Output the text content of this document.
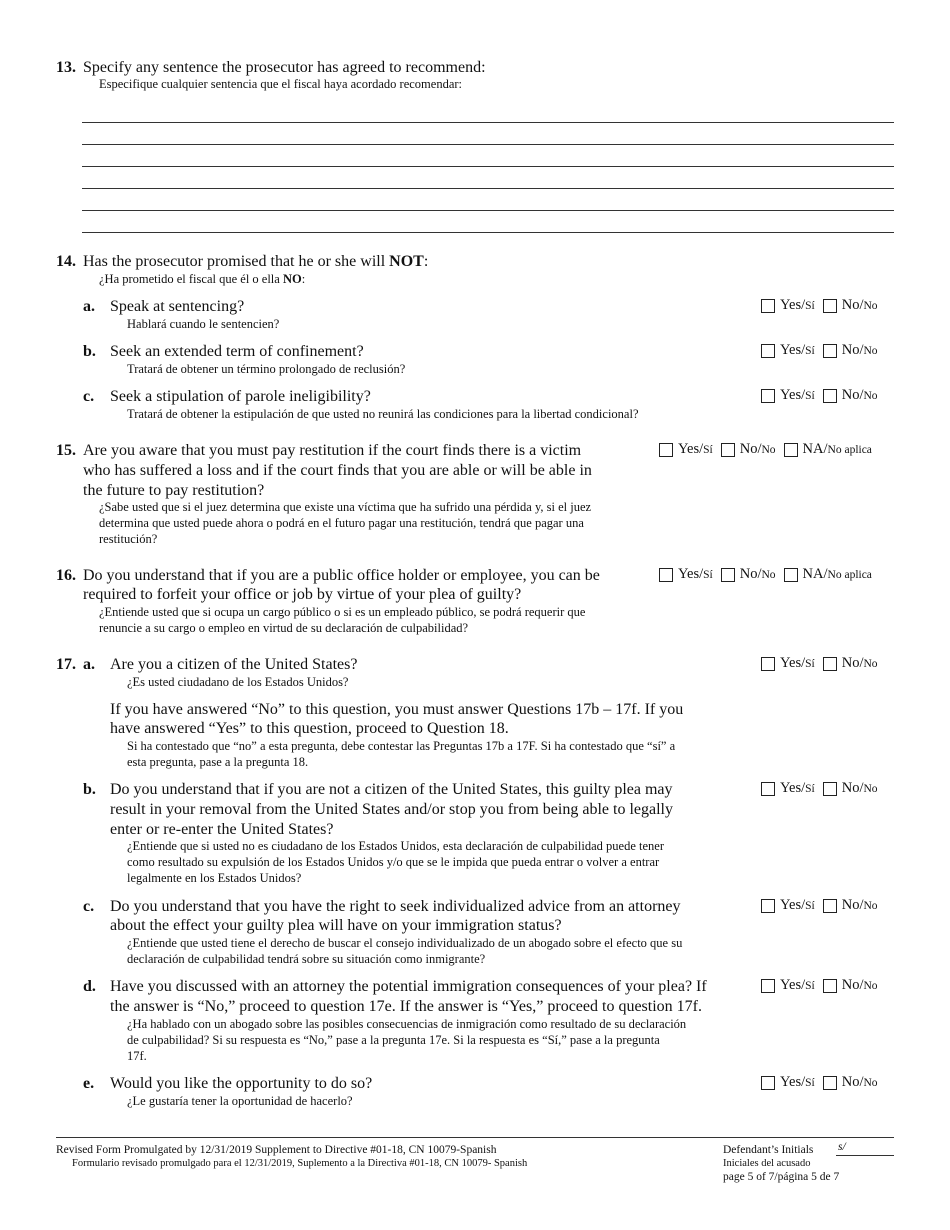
13. Specify any sentence the prosecutor has agreed to recommend:
Especifique cualquier sentencia que el fiscal haya acordado recomendar:
14. Has the prosecutor promised that he or she will NOT:
¿Ha prometido el fiscal que él o ella NO:
a. Speak at sentencing?
Hablará cuando le sentencien?
Yes/ Sí No/ No
b. Seek an extended term of confinement?
Tratará de obtener un término prolongado de reclusión?
Yes/ Sí No/ No
c. Seek a stipulation of parole ineligibility?
Tratará de obtener la estipulación de que usted no reunirá las condiciones para la libertad condicional?
Yes/ Sí No/ No
15. Are you aware that you must pay restitution if the court finds there is a victim
who has suffered a loss and if the court finds that you are able or will be able in
the future to pay restitution?
¿Sabe usted que si el juez determina que existe una víctima que ha sufrido una pérdida y, si el juez
determina que usted puede ahora o podrá en el futuro pagar una restitución, tendrá que pagar una
restitución?
Yes/ Sí No/ No NA/ No aplica
16. Do you understand that if you are a public office holder or employee, you can be
required to forfeit your office or job by virtue of your plea of guilty?
¿Entiende usted que si ocupa un cargo público o si es un empleado público, se podrá requerir que
renuncie a su cargo o empleo en virtud de su declaración de culpabilidad?
Yes/ Sí No/ No NA/ No aplica
17. a. Are you a citizen of the United States?
¿Es usted ciudadano de los Estados Unidos?
Yes/ Sí No/ No
If you have answered “No” to this question, you must answer Questions 17b – 17f. If you
have answered “Yes” to this question, proceed to Question 18.
Si ha contestado que “no” a esta pregunta, debe contestar las Preguntas 17b a 17F. Si ha contestado que “sí” a
esta pregunta, pase a la pregunta 18.
b. Do you understand that if you are not a citizen of the United States, this guilty plea may
result in your removal from the United States and/or stop you from being able to legally
enter or re-enter the United States?
¿Entiende que si usted no es ciudadano de los Estados Unidos, esta declaración de culpabilidad puede tener
como resultado su expulsión de los Estados Unidos y/o que se le impida que pueda entrar o volver a entrar
legalmente en los Estados Unidos?
Yes/ Sí No/ No
c. Do you understand that you have the right to seek individualized advice from an attorney
about the effect your guilty plea will have on your immigration status?
¿Entiende que usted tiene el derecho de buscar el consejo individualizado de un abogado sobre el efecto que su
declaración de culpabilidad tendrá sobre su situación como inmigrante?
Yes/ Sí No/ No
d. Have you discussed with an attorney the potential immigration consequences of your plea? If
the answer is “No,” proceed to question 17e. If the answer is “Yes,” proceed to question 17f.
¿Ha hablado con un abogado sobre las posibles consecuencias de inmigración como resultado de su declaración
de culpabilidad? Si su respuesta es “No,” pase a la pregunta 17e. Si la respuesta es “Sí,” pase a la pregunta
17f.
Yes/ Sí No/ No
e. Would you like the opportunity to do so?
¿Le gustaría tener la oportunidad de hacerlo?
Yes/ Sí No/ No
Revised Form Promulgated by 12/31/2019 Supplement to Directive #01-18, CN 10079-Spanish
Formulario revisado promulgado para el 12/31/2019, Suplemento a la Directiva #01-18, CN 10079- Spanish
Defendant’s Initials s/
Iniciales del acusado
page 5 of 7/página 5 de 7
